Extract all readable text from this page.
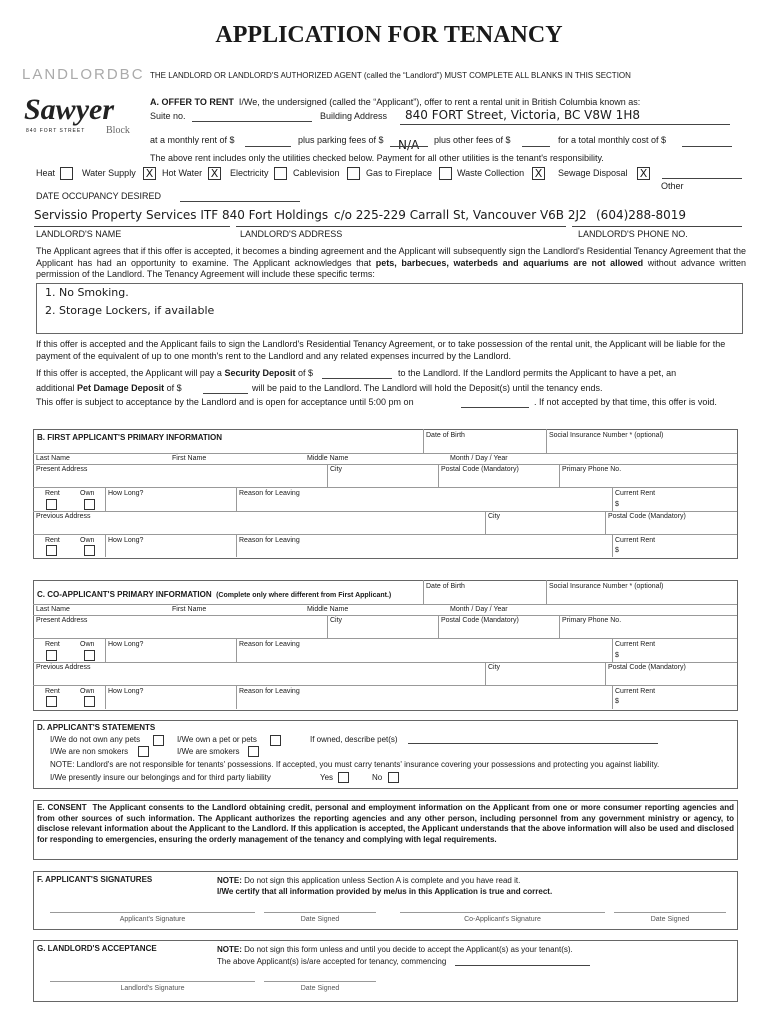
APPLICATION FOR TENANCY
LANDLORDBC THE LANDLORD OR LANDLORD'S AUTHORIZED AGENT (called the “Landlord”) MUST COMPLETE ALL BLANKS IN THIS SECTION
Sawyer
840 FORT STREET Block
A. OFFER TO RENT I/We, the undersigned (called the “Applicant”), offer to rent a rental unit in British Columbia known as:
Suite no.	Building Address 840 FORT Street, Victoria, BC V8W 1H8
at a monthly rent of $	plus parking fees of $ N/A plus other fees of $	for a total monthly cost of $
The above rent includes only the utilities checked below. Payment for all other utilities is the tenant's responsibility.
Heat	Water Supply X Hot Water X	Electricity	Cablevision	Gas to Fireplace	Waste Collection X	Sewage Disposal X
Other
DATE OCCUPANCY DESIRED
Servissio Property Services ITF 840 Fort Holdings c/o 225-229 Carrall St, Vancouver V6B 2J2 (604)288-8019
LANDLORD'S NAME	LANDLORD'S ADDRESS	LANDLORD'S PHONE NO.
The Applicant agrees that if this offer is accepted, it becomes a binding agreement and the Applicant will subsequently sign the Landlord's Residential Tenancy Agreement that the Applicant has had an opportunity to examine. The Applicant acknowledges that pets, barbecues, waterbeds and aquariums are not allowed without advance written permission of the Landlord. The Tenancy Agreement will include these specific terms:
1. No Smoking.
2. Storage Lockers, if available
If this offer is accepted and the Applicant fails to sign the Landlord's Residential Tenancy Agreement, or to take possession of the rental unit, the Applicant will be liable for the payment of the equivalent of up to one month's rent to the Landlord and any related expenses incurred by the Landlord.
If this offer is accepted, the Applicant will pay a Security Deposit of $	to the Landlord. If the Landlord permits the Applicant to have a pet, an
additional Pet Damage Deposit of $	will be paid to the Landlord. The Landlord will hold the Deposit(s) until the tenancy ends.
This offer is subject to acceptance by the Landlord and is open for acceptance until 5:00 pm on	. If not accepted by that time, this offer is void.
B. FIRST APPLICANT'S PRIMARY INFORMATION	Date of Birth	Social Insurance Number * (optional)
Last Name	First Name	Middle Name	Month / Day / Year
Present Address	City	Postal Code (Mandatory)	Primary Phone No.
Rent	Own How Long?	Reason for Leaving	Current Rent
$
Previous Address	City	Postal Code (Mandatory)
Rent	Own How Long?	Reason for Leaving	Current Rent
$
C. CO-APPLICANT'S PRIMARY INFORMATION (Complete only where different from First Applicant.)
Date of Birth	Social Insurance Number * (optional)
Last Name	First Name	Middle Name	Month / Day / Year
Present Address	City	Postal Code (Mandatory)	Primary Phone No.
Rent	Own How Long?	Reason for Leaving	Current Rent
$
Previous Address	City	Postal Code (Mandatory)
Rent	Own How Long?	Reason for Leaving	Current Rent
$
D. APPLICANT'S STATEMENTS
I/We do not own any pets	I/We own a pet or pets	If owned, describe pet(s)
I/We are non smokers	I/We are smokers
NOTE: Landlord's are not responsible for tenants' possessions. If accepted, you must carry tenants' insurance covering your possessions and protecting you against liability.
I/We presently insure our belongings and for third party liability	Yes	No
E. CONSENT The Applicant consents to the Landlord obtaining credit, personal and employment information on the Applicant from one or more consumer reporting agencies and from other sources of such information. The Applicant authorizes the reporting agencies and any other person, including personnel from any government ministry or agency, to disclose relevant information about the Applicant to the Landlord. If this application is accepted, the Applicant understands that the above information will also be used and disclosed for responding to emergencies, ensuring the orderly management of the tenancy and complying with legal requirements.
F. APPLICANT'S SIGNATURES	NOTE: Do not sign this application unless Section A is complete and you have read it.
I/We certify that all information provided by me/us in this Application is true and correct.
Applicant's Signature	Date Signed	Co-Applicant's Signature	Date Signed
G. LANDLORD'S ACCEPTANCE	NOTE: Do not sign this form unless and until you decide to accept the Applicant(s) as your tenant(s).
The above Applicant(s) is/are accepted for tenancy, commencing
Landlord's Signature	Date Signed
